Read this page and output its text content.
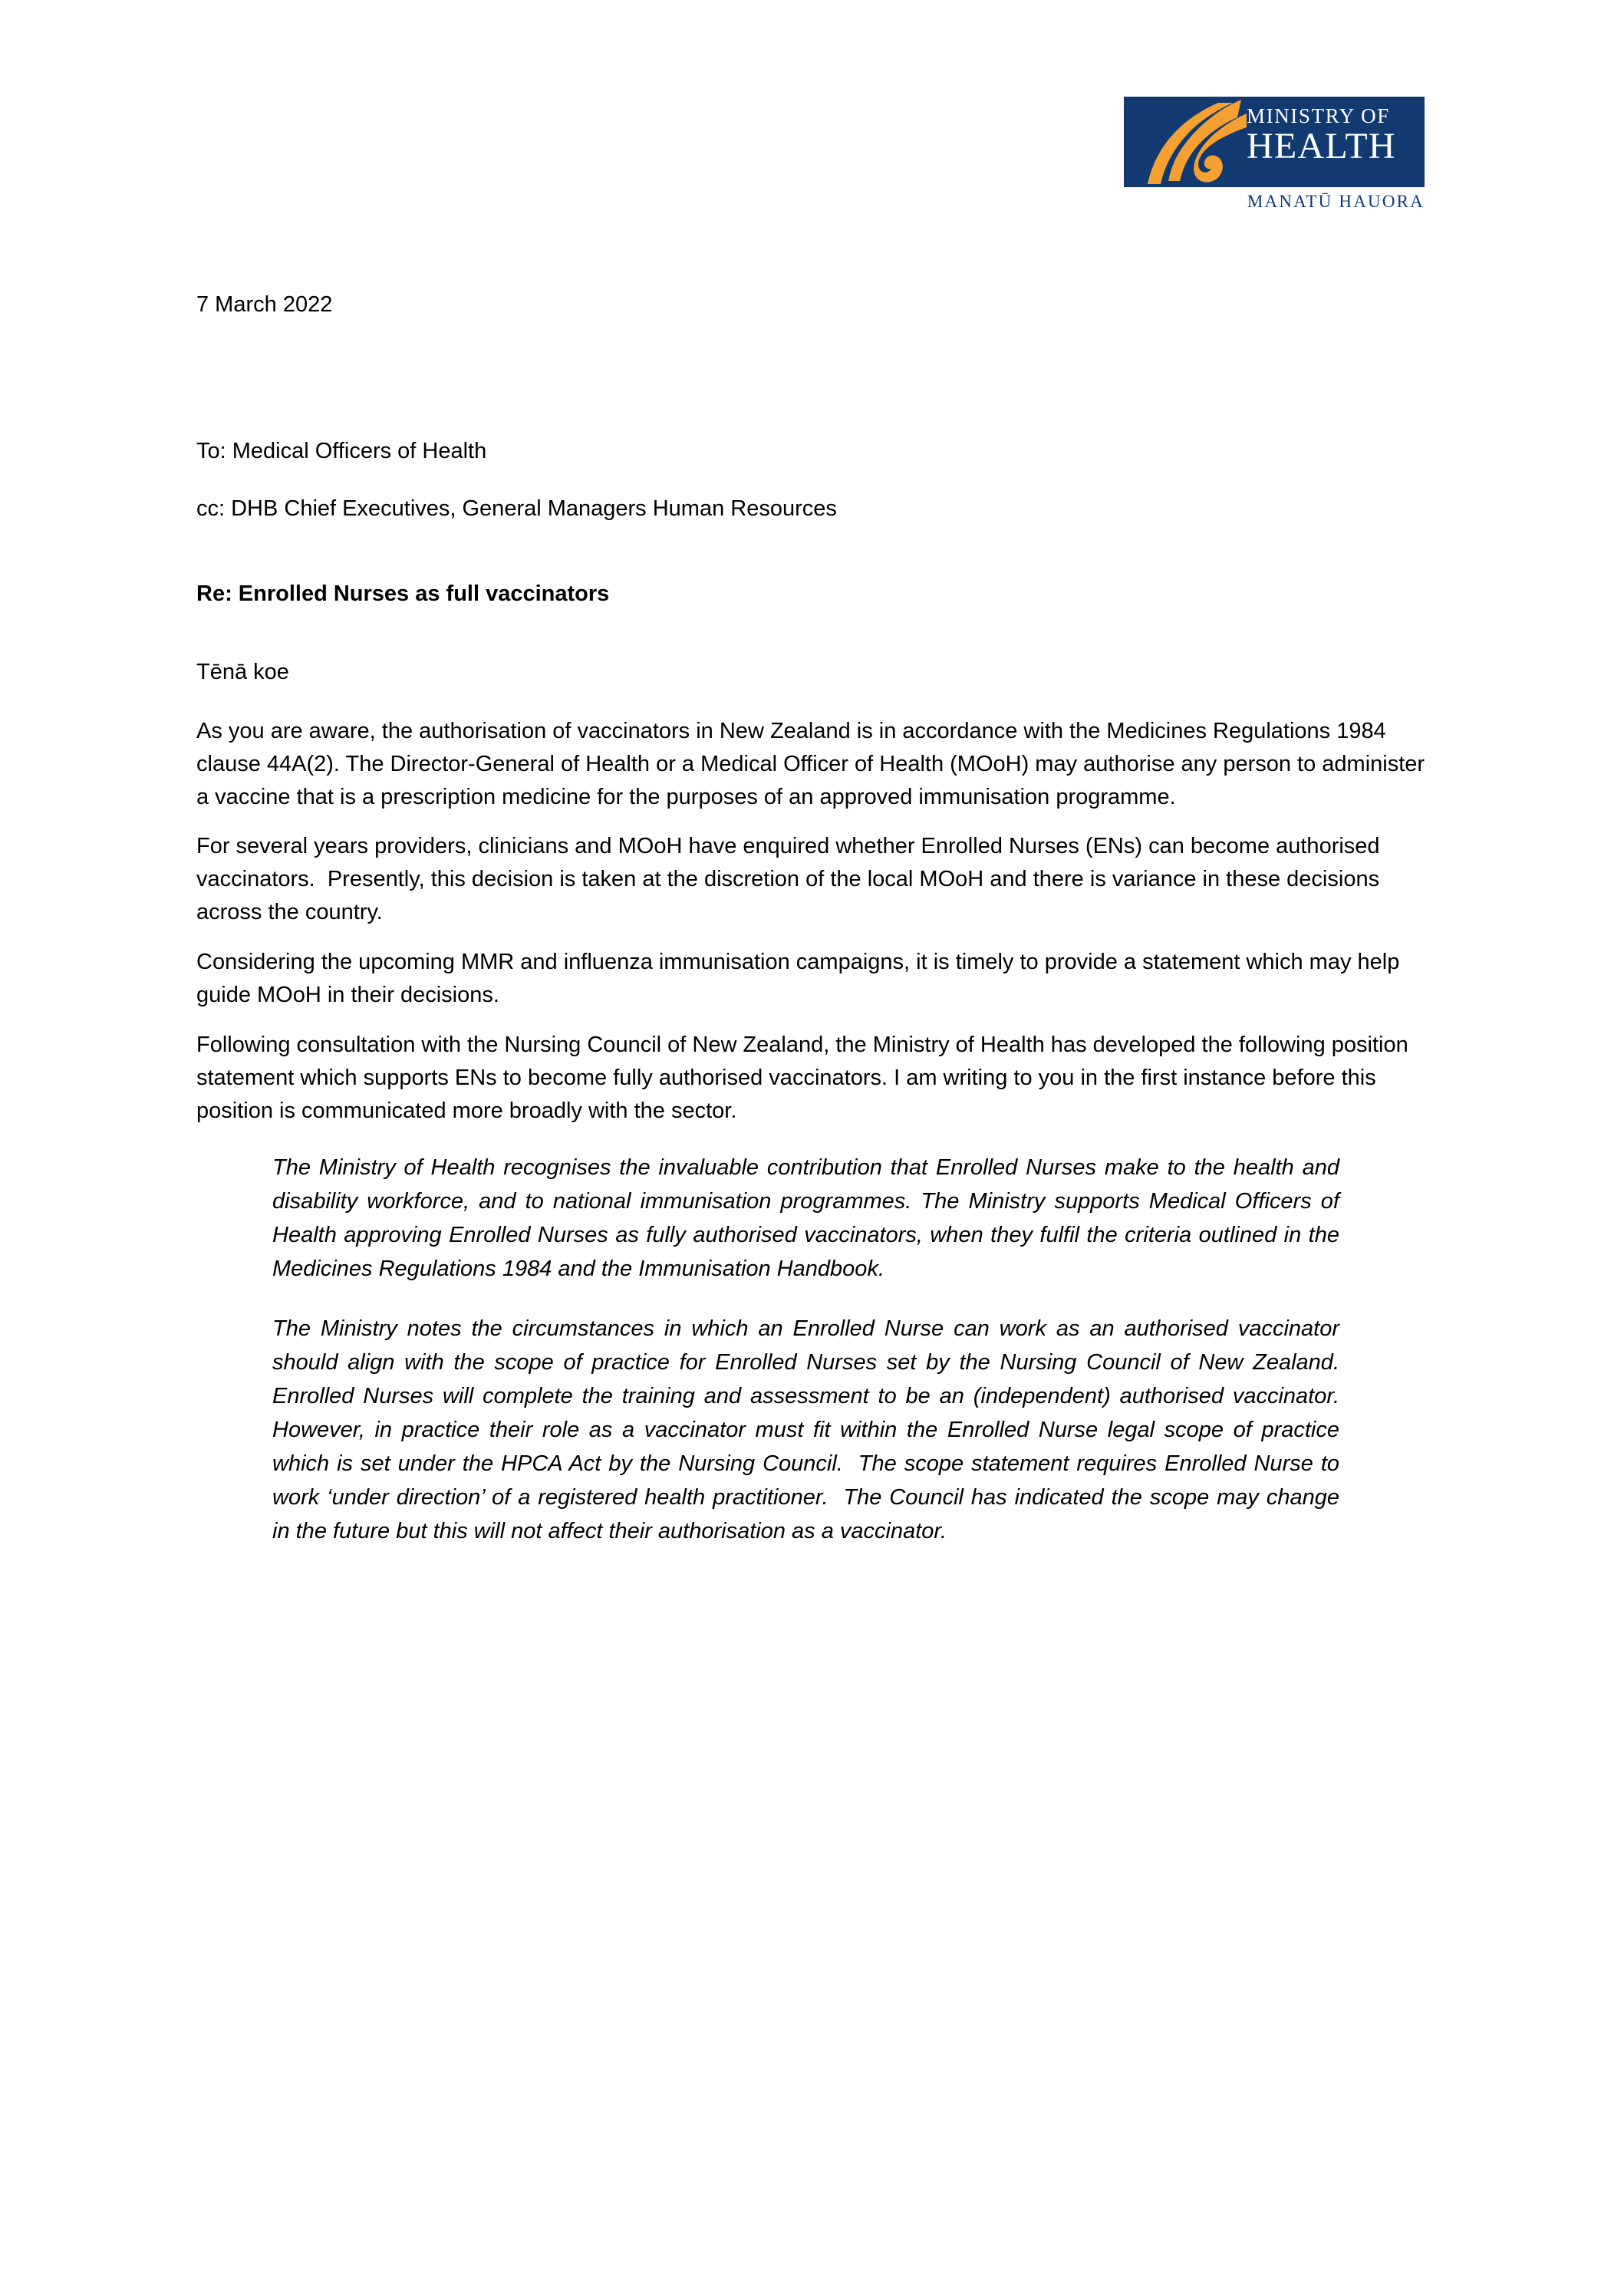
MINISTRY OF
HEALTH
MANATŪ HAUORA
7 March 2022
To: Medical Officers of Health
cc: DHB Chief Executives, General Managers Human Resources
Re: Enrolled Nurses as full vaccinators
Tēnā koe

As you are aware, the authorisation of vaccinators in New Zealand is in accordance with the Medicines Regulations 1984 clause 44A(2). The Director-General of Health or a Medical Officer of Health (MOoH) may authorise any person to administer a vaccine that is a prescription medicine for the purposes of an approved immunisation programme.

For several years providers, clinicians and MOoH have enquired whether Enrolled Nurses (ENs) can become authorised vaccinators.  Presently, this decision is taken at the discretion of the local MOoH and there is variance in these decisions across the country.

Considering the upcoming MMR and influenza immunisation campaigns, it is timely to provide a statement which may help guide MOoH in their decisions.

Following consultation with the Nursing Council of New Zealand, the Ministry of Health has developed the following position statement which supports ENs to become fully authorised vaccinators. I am writing to you in the first instance before this position is communicated more broadly with the sector.

The Ministry of Health recognises the invaluable contribution that Enrolled Nurses make to the health and disability workforce, and to national immunisation programmes. The Ministry supports Medical Officers of Health approving Enrolled Nurses as fully authorised vaccinators, when they fulfil the criteria outlined in the Medicines Regulations 1984 and the Immunisation Handbook.

The Ministry notes the circumstances in which an Enrolled Nurse can work as an authorised vaccinator should align with the scope of practice for Enrolled Nurses set by the Nursing Council of New Zealand.  Enrolled Nurses will complete the training and assessment to be an (independent) authorised vaccinator.  However, in practice their role as a vaccinator must fit within the Enrolled Nurse legal scope of practice which is set under the HPCA Act by the Nursing Council.  The scope statement requires Enrolled Nurse to work ‘under direction’ of a registered health practitioner.  The Council has indicated the scope may change in the future but this will not affect their authorisation as a vaccinator.
